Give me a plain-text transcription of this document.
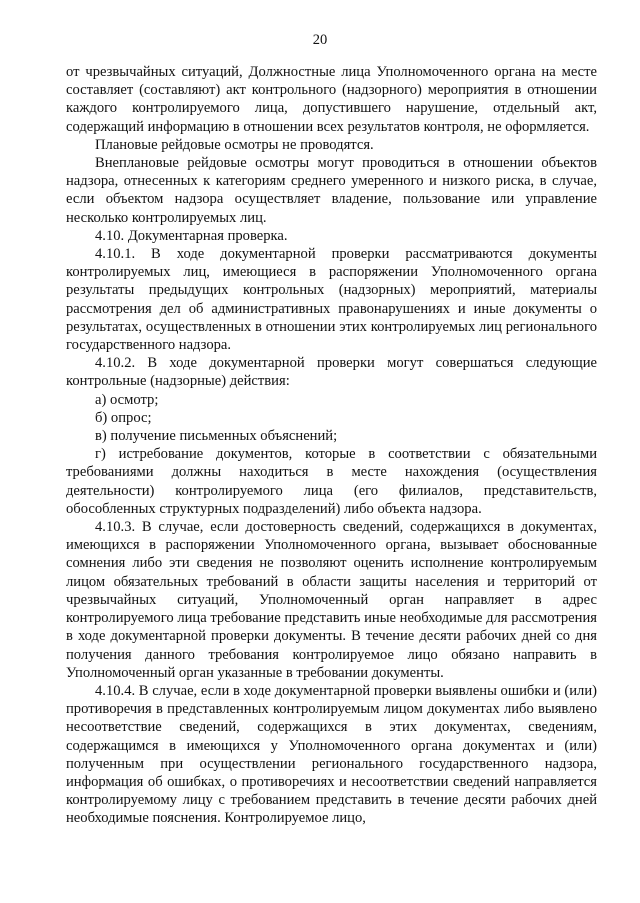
20

от чрезвычайных ситуаций, Должностные лица Уполномоченного органа на месте составляет (составляют) акт контрольного (надзорного) мероприятия в отношении каждого контролируемого лица, допустившего нарушение, отдельный акт, содержащий информацию в отношении всех результатов контроля, не оформляется.

Плановые рейдовые осмотры не проводятся.

Внеплановые рейдовые осмотры могут проводиться в отношении объектов надзора, отнесенных к категориям среднего умеренного и низкого риска, в случае, если объектом надзора осуществляет владение, пользование или управление несколько контролируемых лиц.

4.10. Документарная проверка.

4.10.1. В ходе документарной проверки рассматриваются документы контролируемых лиц, имеющиеся в распоряжении Уполномоченного органа результаты предыдущих контрольных (надзорных) мероприятий, материалы рассмотрения дел об административных правонарушениях и иные документы о результатах, осуществленных в отношении этих контролируемых лиц регионального государственного надзора.

4.10.2. В ходе документарной проверки могут совершаться следующие контрольные (надзорные) действия:

а) осмотр;

б) опрос;

в) получение письменных объяснений;

г) истребование документов, которые в соответствии с обязательными требованиями должны находиться в месте нахождения (осуществления деятельности) контролируемого лица (его филиалов, представительств, обособленных структурных подразделений) либо объекта надзора.

4.10.3. В случае, если достоверность сведений, содержащихся в документах, имеющихся в распоряжении Уполномоченного органа, вызывает обоснованные сомнения либо эти сведения не позволяют оценить исполнение контролируемым лицом обязательных требований в области защиты населения и территорий от чрезвычайных ситуаций, Уполномоченный орган направляет в адрес контролируемого лица требование представить иные необходимые для рассмотрения в ходе документарной проверки документы. В течение десяти рабочих дней со дня получения данного требования контролируемое лицо обязано направить в Уполномоченный орган указанные в требовании документы.

4.10.4. В случае, если в ходе документарной проверки выявлены ошибки и (или) противоречия в представленных контролируемым лицом документах либо выявлено несоответствие сведений, содержащихся в этих документах, сведениям, содержащимся в имеющихся у Уполномоченного органа документах и (или) полученным при осуществлении регионального государственного надзора, информация об ошибках, о противоречиях и несоответствии сведений направляется контролируемому лицу с требованием представить в течение десяти рабочих дней необходимые пояснения. Контролируемое лицо,
